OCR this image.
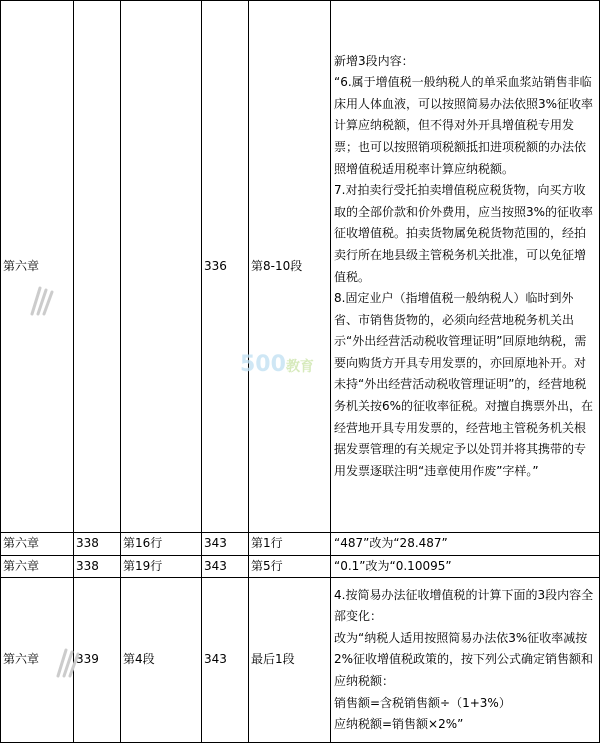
第六章			336	第8-10段	新增3段内容：

“6.属于增值税一般纳税人的单采血浆站销售非临床用人体血液，可以按照简易办法依照3%征收率计算应纳税额，但不得对外开具增值税专用发票；也可以按照销项税额抵扣进项税额的办法依照增值税适用税率计算应纳税额。

7.对拍卖行受托拍卖增值税应税货物，向买方收取的全部价款和价外费用，应当按照3%的征收率征收增值税。拍卖货物属免税货物范围的，经拍卖行所在地县级主管税务机关批准，可以免征增值税。

8.固定业户（指增值税一般纳税人）临时到外省、市销售货物的，必须向经营地税务机关出示“外出经营活动税收管理证明”回原地纳税，需要向购货方开具专用发票的，亦回原地补开。对未持“外出经营活动税收管理证明”的，经营地税务机关按6%的征收率征税。对擅自携票外出，在经营地开具专用发票的，经营地主管税务机关根据发票管理的有关规定予以处罚并将其携带的专用发票逐联注明“违章使用作废”字样。”

第六章	338	第16行	343	第1行	“487”改为“28.487”

第六章	338	第19行	343	第5行	“0.1”改为“0.10095”

第六章	339	第4段	343	最后1段	4.按简易办法征收增值税的计算下面的3段内容全部变化：

改为“纳税人适用按照简易办法依3%征收率减按2%征收增值税政策的，按下列公式确定销售额和应纳税额：

销售额=含税销售额÷（1+3%）

应纳税额=销售额×2%”

500教育
